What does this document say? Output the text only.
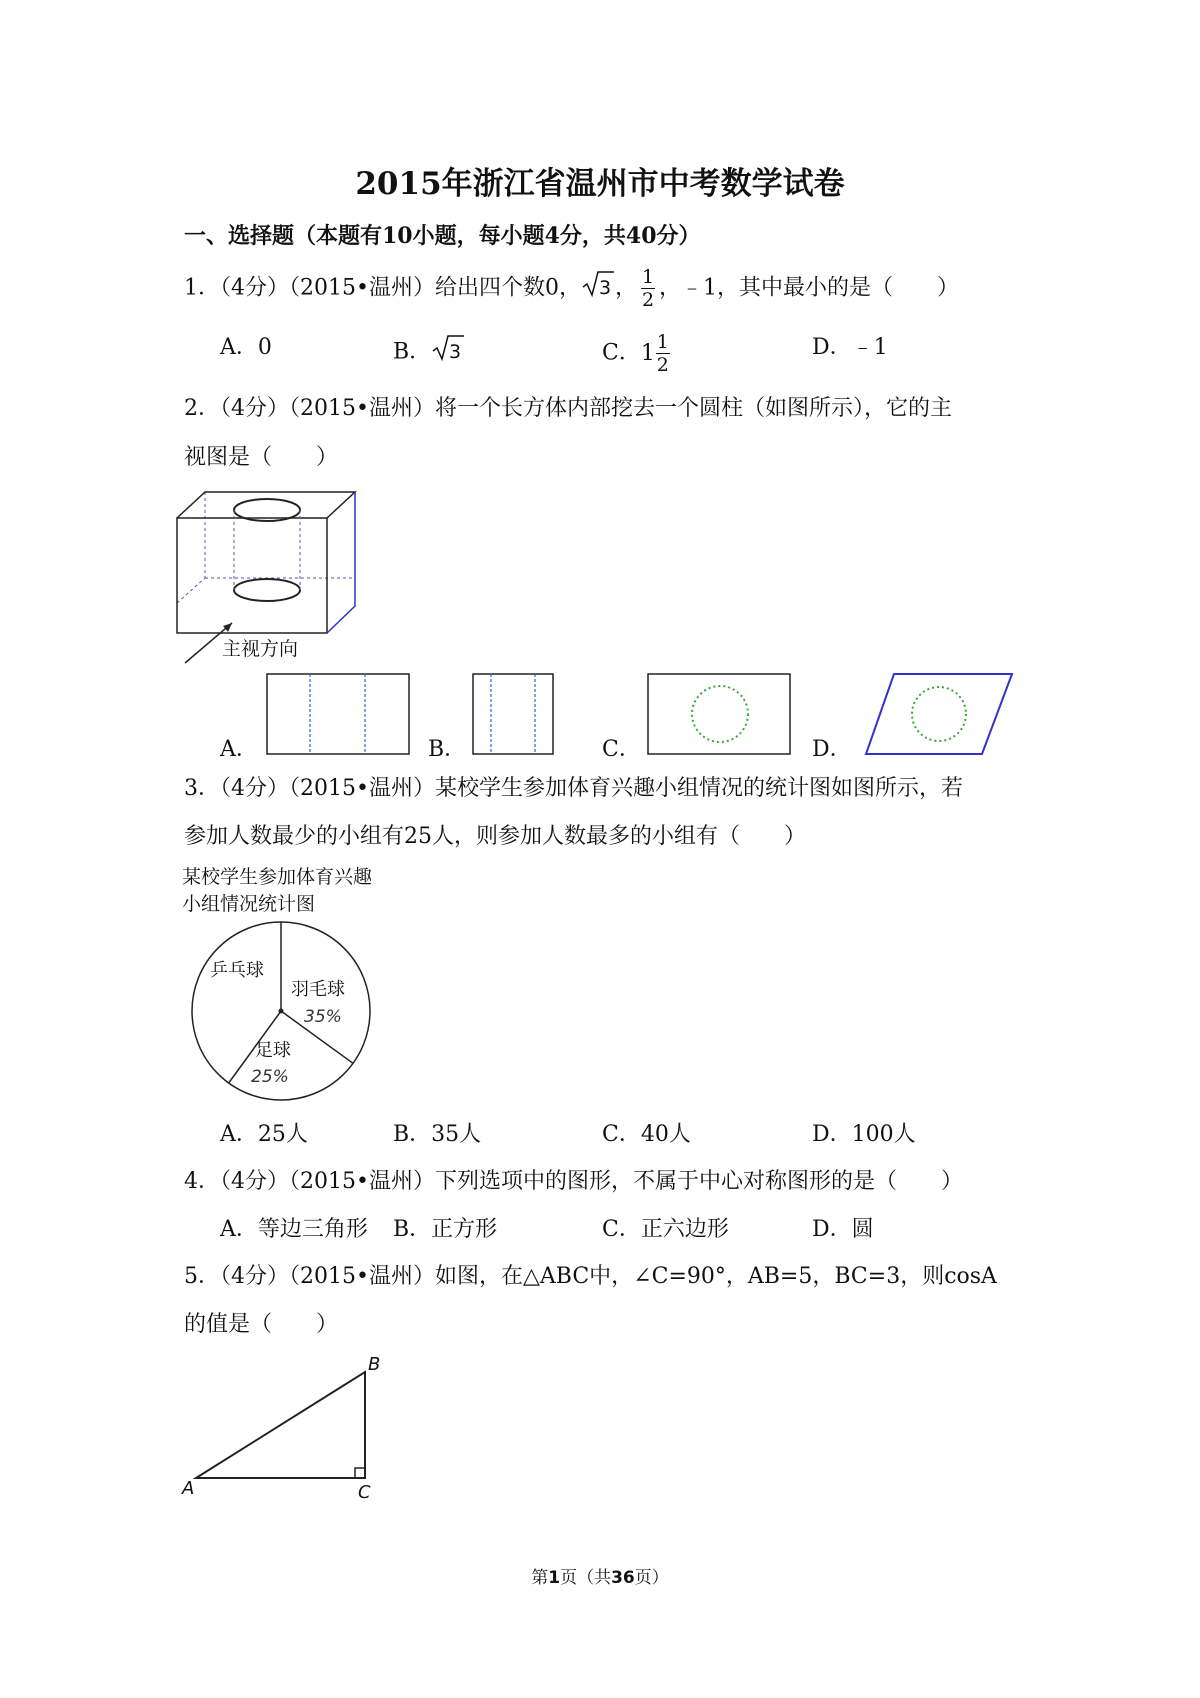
2015年浙江省温州市中考数学试卷
一、选择题（本题有10小题，每小题4分，共40分）
1．（4分）（2015•温州）给出四个数0， 3 ， $\frac{1}{2}$ ，﹣1，其中最小的是（　　）
A．0	B． 3	C． $1 \frac{1}{2}$	D．﹣1
2．（4分）（2015•温州）将一个长方体内部挖去一个圆柱（如图所示），它的主
视图是（　　）
主视方向
A．	B．	C．	D．
3．（4分）（2015•温州）某校学生参加体育兴趣小组情况的统计图如图所示，若
参加人数最少的小组有25人，则参加人数最多的小组有（　　）
某校学生参加体育兴趣
小组情况统计图
乒乓球
羽毛球
35%
足球
25%
A．25人	B．35人	C．40人	D．100人
4．（4分）（2015•温州）下列选项中的图形，不属于中心对称图形的是（　　）
A．等边三角形 B．正方形	C．正六边形	D．圆
5．（4分）（2015•温州）如图，在△ABC中，∠C=90°，AB=5，BC=3，则cosA
的值是（　　）
A
B
C
第1页（共36页）
